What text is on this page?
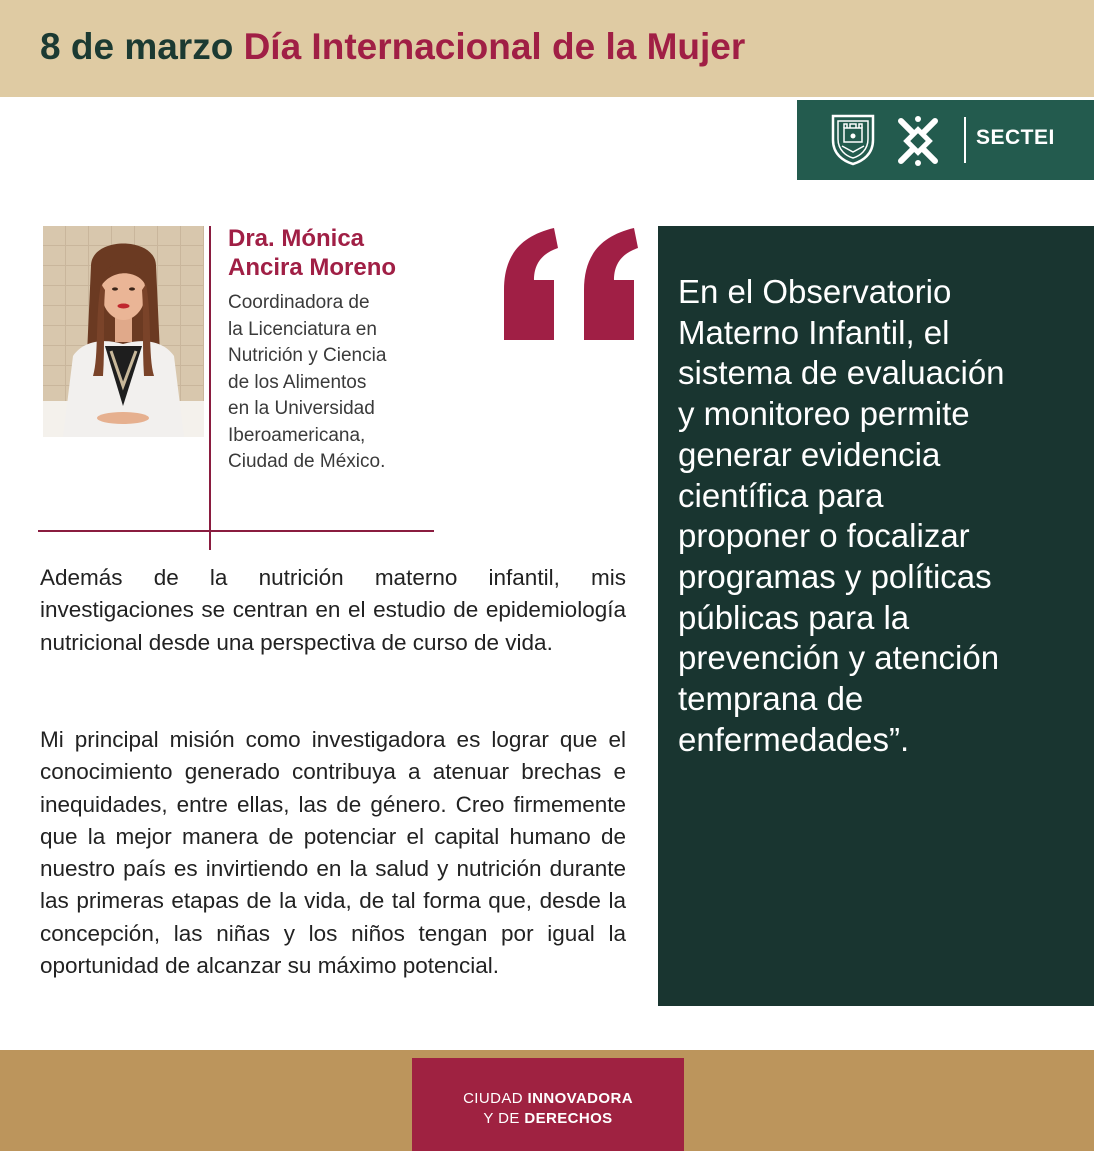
8 de marzo Día Internacional de la Mujer
SECTEI
Dra. Mónica
Ancira Moreno
Coordinadora de
la Licenciatura en
Nutrición y Ciencia
de los Alimentos
en la Universidad
Iberoamericana,
Ciudad de México.

Además de la nutrición materno infantil, mis investigaciones se centran en el estudio de epidemiología nutricional desde una perspectiva de curso de vida.

Mi principal misión como investigadora es lograr que el conocimiento generado contribuya a atenuar brechas e inequidades, entre ellas, las de género. Creo firmemente que la mejor manera de potenciar el capital humano de nuestro país es invirtiendo en la salud y nutrición durante las primeras etapas de la vida, de tal forma que, desde la concepción, las niñas y los niños tengan por igual la oportunidad de alcanzar su máximo potencial.

En el Observatorio
Materno Infantil, el
sistema de evaluación
y monitoreo permite
generar evidencia
científica para
proponer o focalizar
programas y políticas
públicas para la
prevención y atención
temprana de
enfermedades”.
CIUDAD INNOVADORA
Y DE DERECHOS
